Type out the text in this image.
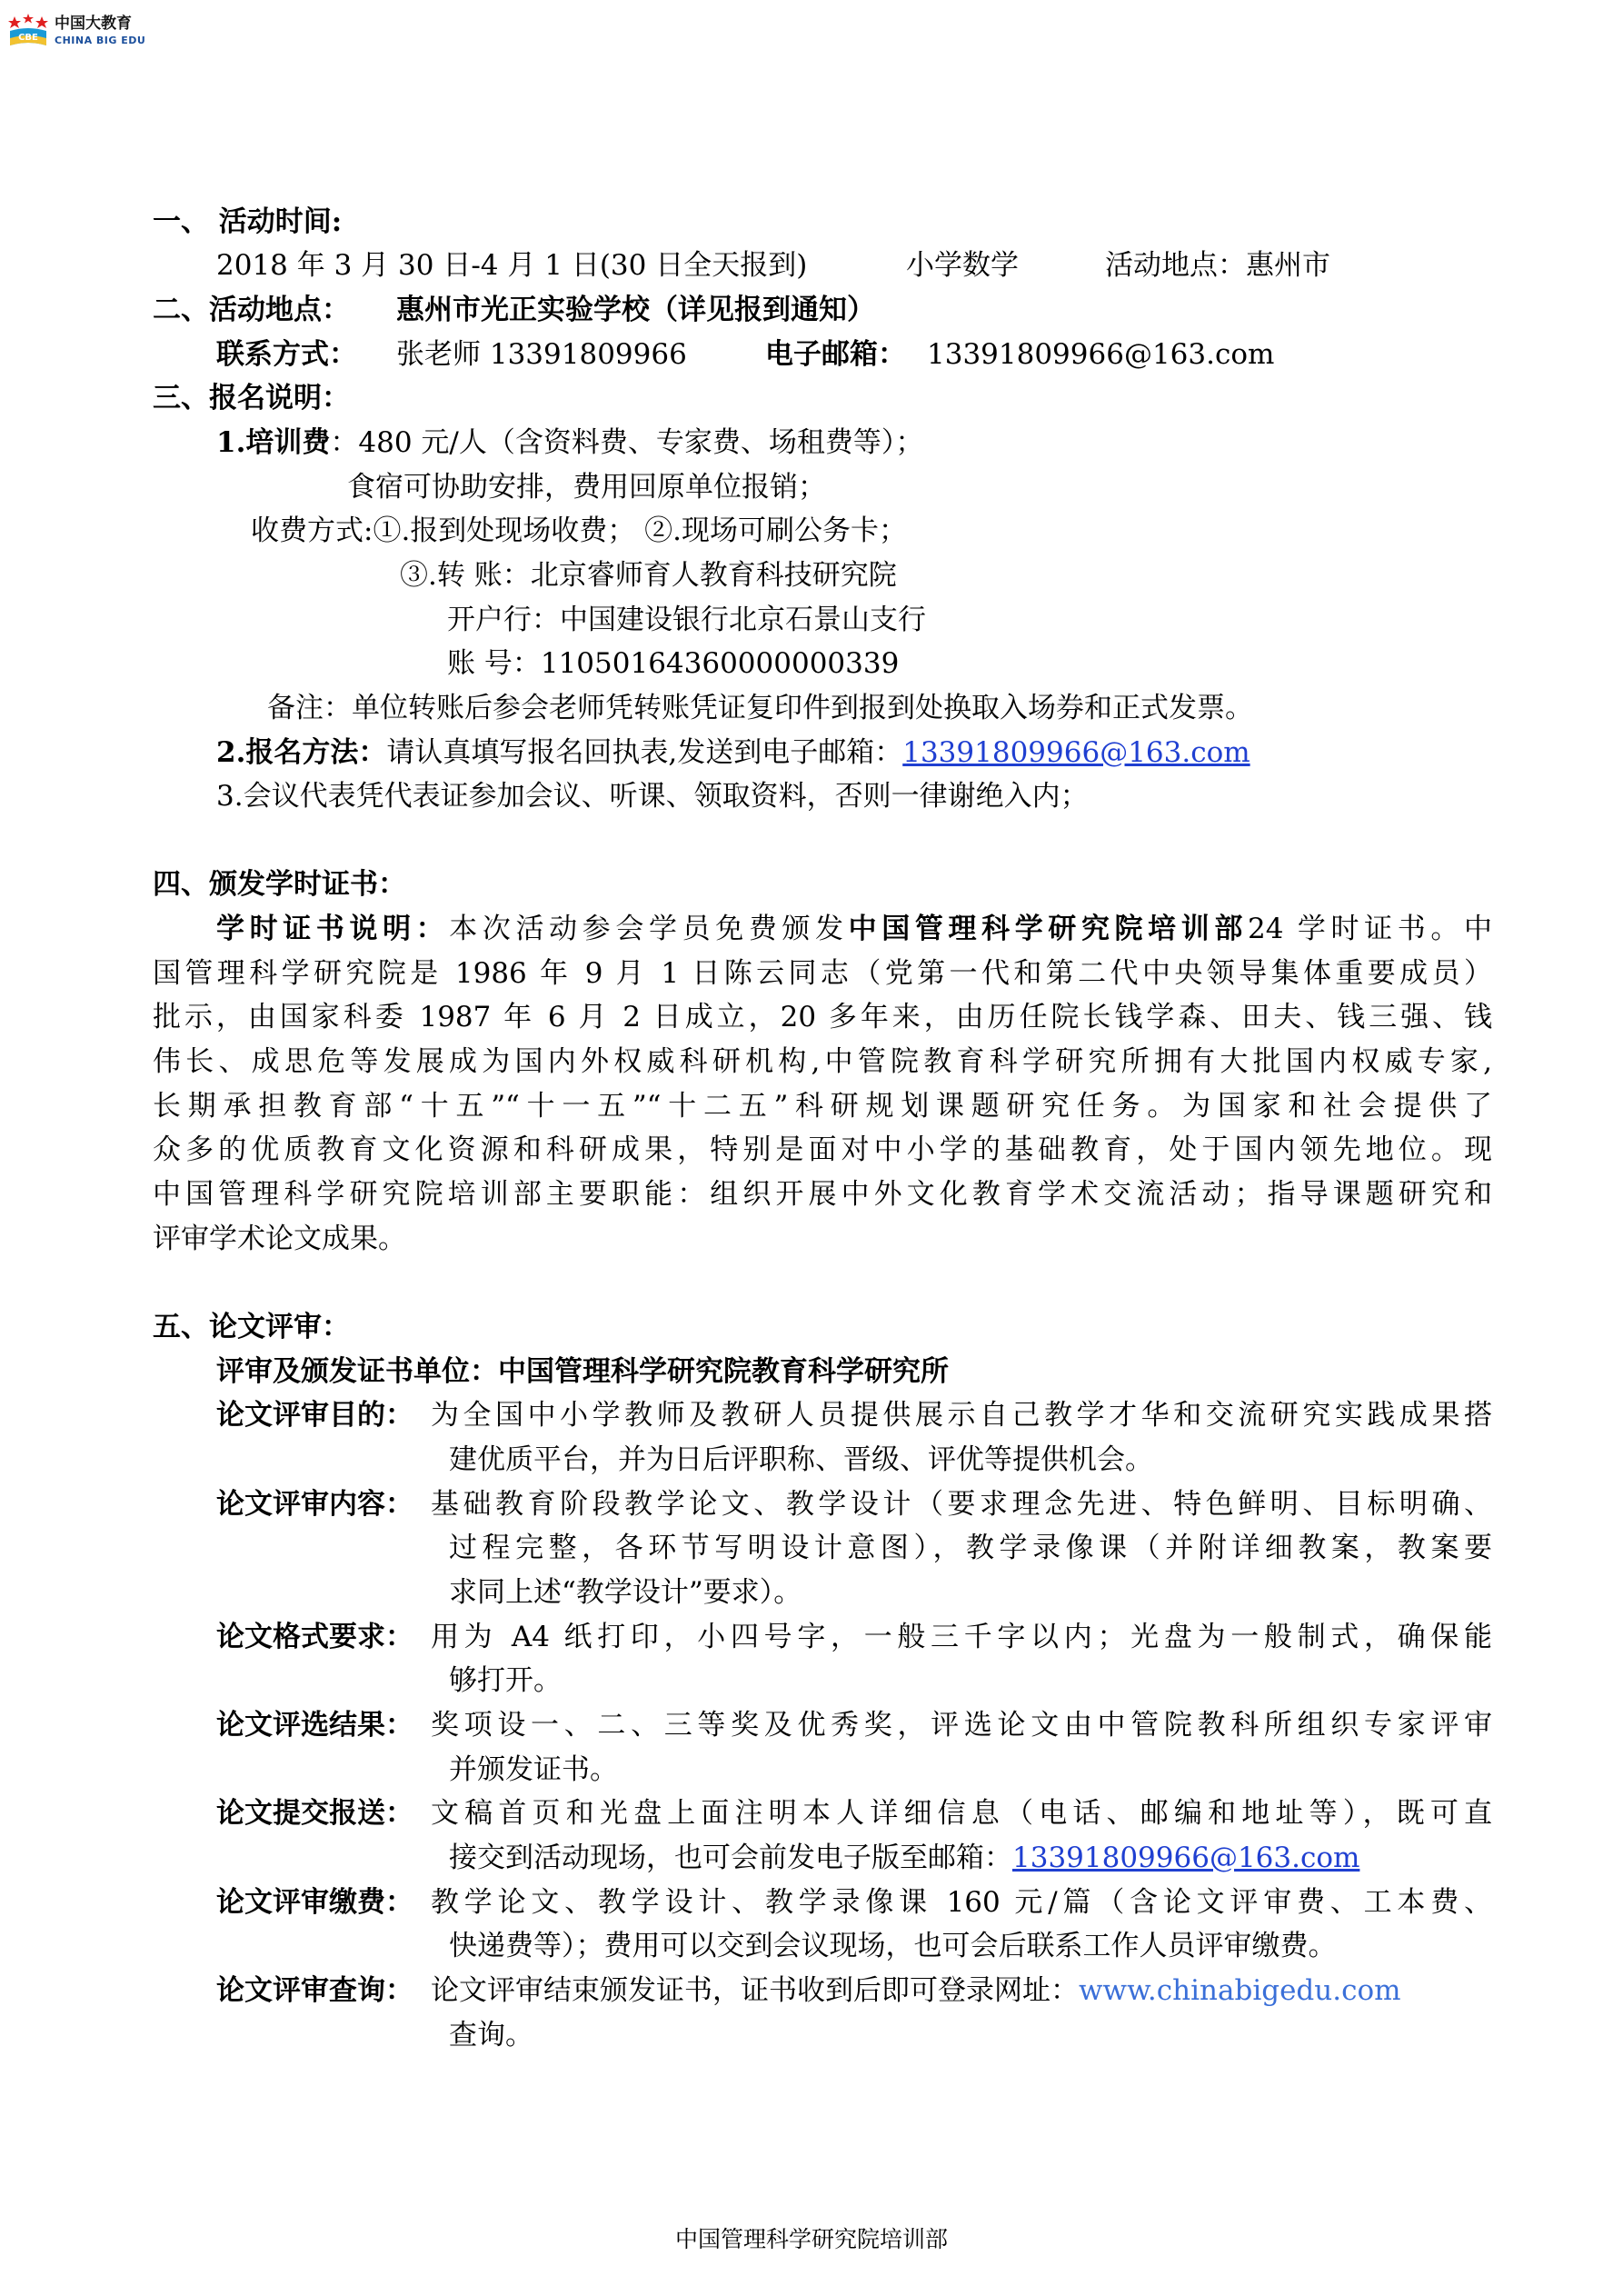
CBE
中国大教育
CHINA BIG EDU
一、 活动时间:
2018 年 3 月 30 日-4 月 1 日(30 日全天报到)	小学数学	活动地点：惠州市
二、活动地点： 惠州市光正实验学校（详见报到通知）
联系方式： 张老师 13391809966	电子邮箱： 13391809966@163.com
三、报名说明：
1.培训费：480 元/人（含资料费、专家费、场租费等）；
食宿可协助安排，费用回原单位报销；
收费方式:①.报到处现场收费； ②.现场可刷公务卡；
③.转 账：北京睿师育人教育科技研究院
开户行：中国建设银行北京石景山支行
账 号：11050164360000000339
备注：单位转账后参会老师凭转账凭证复印件到报到处换取入场券和正式发票。
2.报名方法：请认真填写报名回执表,发送到电子邮箱：13391809966@163.com
3.会议代表凭代表证参加会议、听课、领取资料，否则一律谢绝入内；
四、颁发学时证书：
学时证书说明：本次活动参会学员免费颁发中国管理科学研究院培训部24 学时证书。中
国管理科学研究院是 1986 年 9 月 1 日陈云同志（党第一代和第二代中央领导集体重要成员）
批示，由国家科委 1987 年 6 月 2 日成立，20 多年来，由历任院长钱学森、田夫、钱三强、钱
伟长、成思危等发展成为国内外权威科研机构,中管院教育科学研究所拥有大批国内权威专家,
长期承担教育部“十五”“十一五”“十二五”科研规划课题研究任务。为国家和社会提供了
众多的优质教育文化资源和科研成果，特别是面对中小学的基础教育，处于国内领先地位。现
中国管理科学研究院培训部主要职能：组织开展中外文化教育学术交流活动；指导课题研究和
评审学术论文成果。
五、论文评审：
评审及颁发证书单位：中国管理科学研究院教育科学研究所
论文评审目的： 为全国中小学教师及教研人员提供展示自己教学才华和交流研究实践成果搭
建优质平台，并为日后评职称、晋级、评优等提供机会。
论文评审内容： 基础教育阶段教学论文、教学设计（要求理念先进、特色鲜明、目标明确、
过程完整，各环节写明设计意图），教学录像课（并附详细教案，教案要
求同上述“教学设计”要求）。
论文格式要求： 用为 A4 纸打印，小四号字，一般三千字以内；光盘为一般制式，确保能
够打开。
论文评选结果： 奖项设一、二、三等奖及优秀奖，评选论文由中管院教科所组织专家评审
并颁发证书。
论文提交报送： 文稿首页和光盘上面注明本人详细信息（电话、邮编和地址等），既可直
接交到活动现场，也可会前发电子版至邮箱：13391809966@163.com
论文评审缴费： 教学论文、教学设计、教学录像课 160 元/篇（含论文评审费、工本费、
快递费等）；费用可以交到会议现场，也可会后联系工作人员评审缴费。
论文评审查询： 论文评审结束颁发证书，证书收到后即可登录网址：www.chinabigedu.com
查询。
中国管理科学研究院培训部
